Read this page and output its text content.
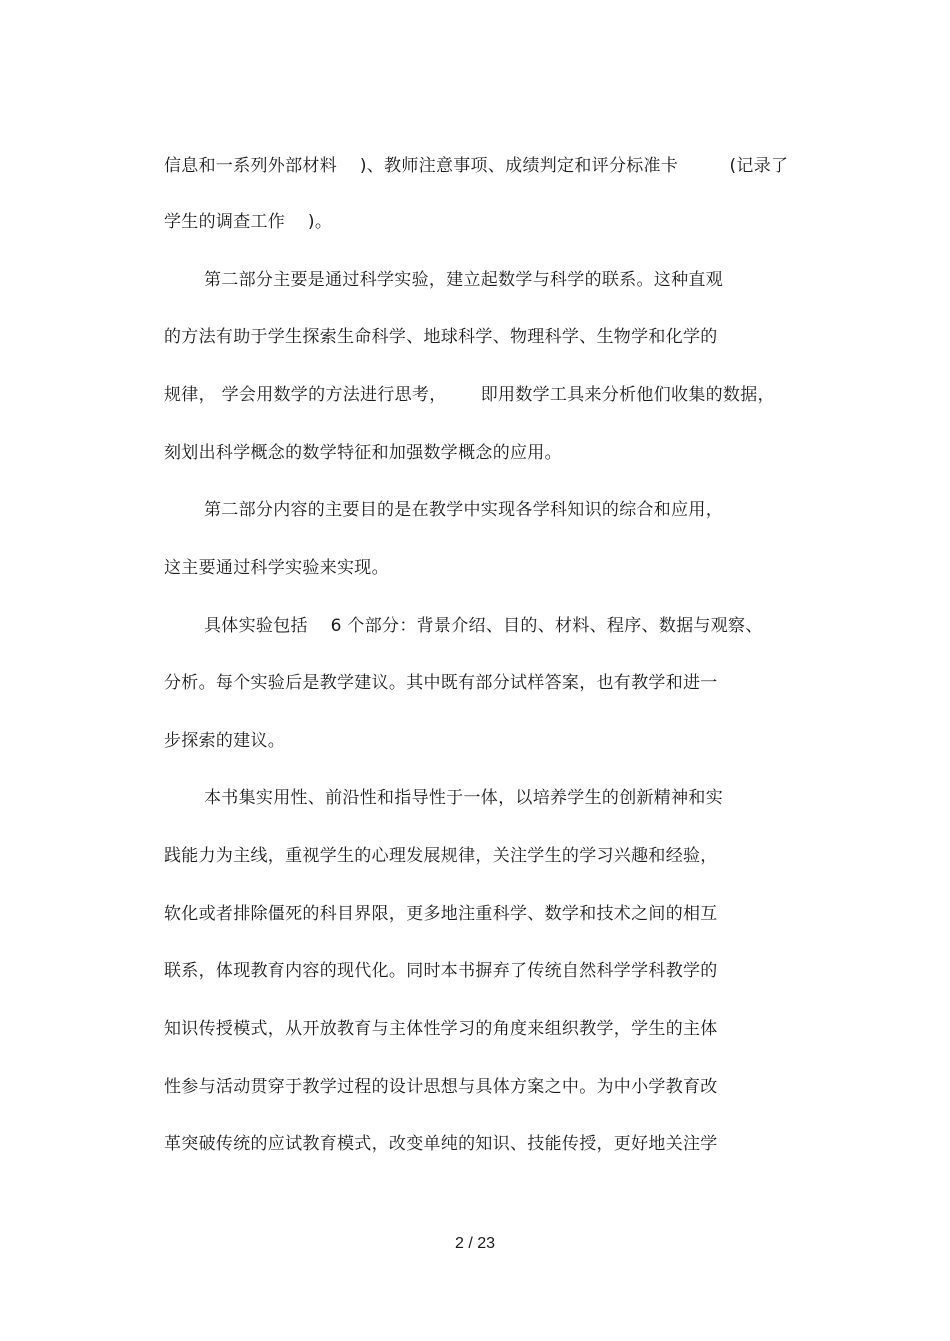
信息和一系列外部材料    )、教师注意事项、成绩判定和评分标准卡         (记录了
学生的调查工作    )。
第二部分主要是通过科学实验，建立起数学与科学的联系。这种直观
的方法有助于学生探索生命科学、地球科学、物理科学、生物学和化学的
规律， 学会用数学的方法进行思考，      即用数学工具来分析他们收集的数据，
刻划出科学概念的数学特征和加强数学概念的应用。
第二部分内容的主要目的是在教学中实现各学科知识的综合和应用，
这主要通过科学实验来实现。
具体实验包括    6 个部分：背景介绍、目的、材料、程序、数据与观察、
分析。每个实验后是教学建议。其中既有部分试样答案，也有教学和进一
步探索的建议。
本书集实用性、前沿性和指导性于一体，以培养学生的创新精神和实
践能力为主线，重视学生的心理发展规律，关注学生的学习兴趣和经验，
软化或者排除僵死的科目界限，更多地注重科学、数学和技术之间的相互
联系，体现教育内容的现代化。同时本书摒弃了传统自然科学学科教学的
知识传授模式，从开放教育与主体性学习的角度来组织教学，学生的主体
性参与活动贯穿于教学过程的设计思想与具体方案之中。为中小学教育改
革突破传统的应试教育模式，改变单纯的知识、技能传授，更好地关注学
2 / 23
